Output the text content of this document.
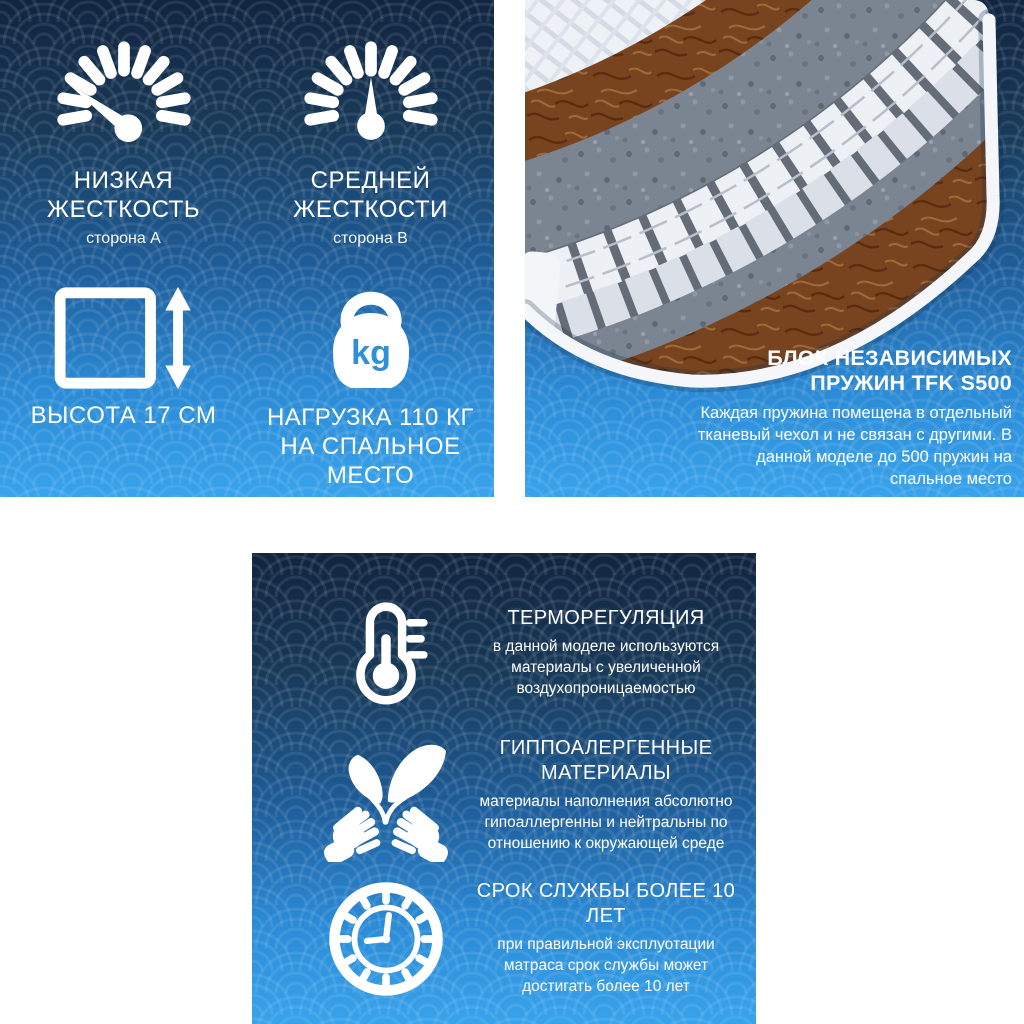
НИЗКАЯ ЖЕСТКОСТЬ
сторона А
СРЕДНЕЙ ЖЕСТКОСТИ
сторона В
ВЫСОТА 17 СМ
kg
НАГРУЗКА 110 КГ
НА СПАЛЬНОЕ МЕСТО
БЛОК НЕЗАВИСИМЫХ
ПРУЖИН TFK S500

Каждая пружина помещена в отдельный тканевый чехол и не связан с другими. В данной моделе до 500 пружин на спальное место

ТЕРМОРЕГУЛЯЦИЯ

в данной моделе используются материалы с увеличенной воздухопроницаемостью

ГИППОАЛЕРГЕННЫЕ МАТЕРИАЛЫ

материалы наполнения абсолютно гипоаллергенны и нейтральны по отношению к окружающей среде

СРОК СЛУЖБЫ БОЛЕЕ 10 ЛЕТ

при правильной эксплуотации матраса срок службы может достигать более 10 лет
